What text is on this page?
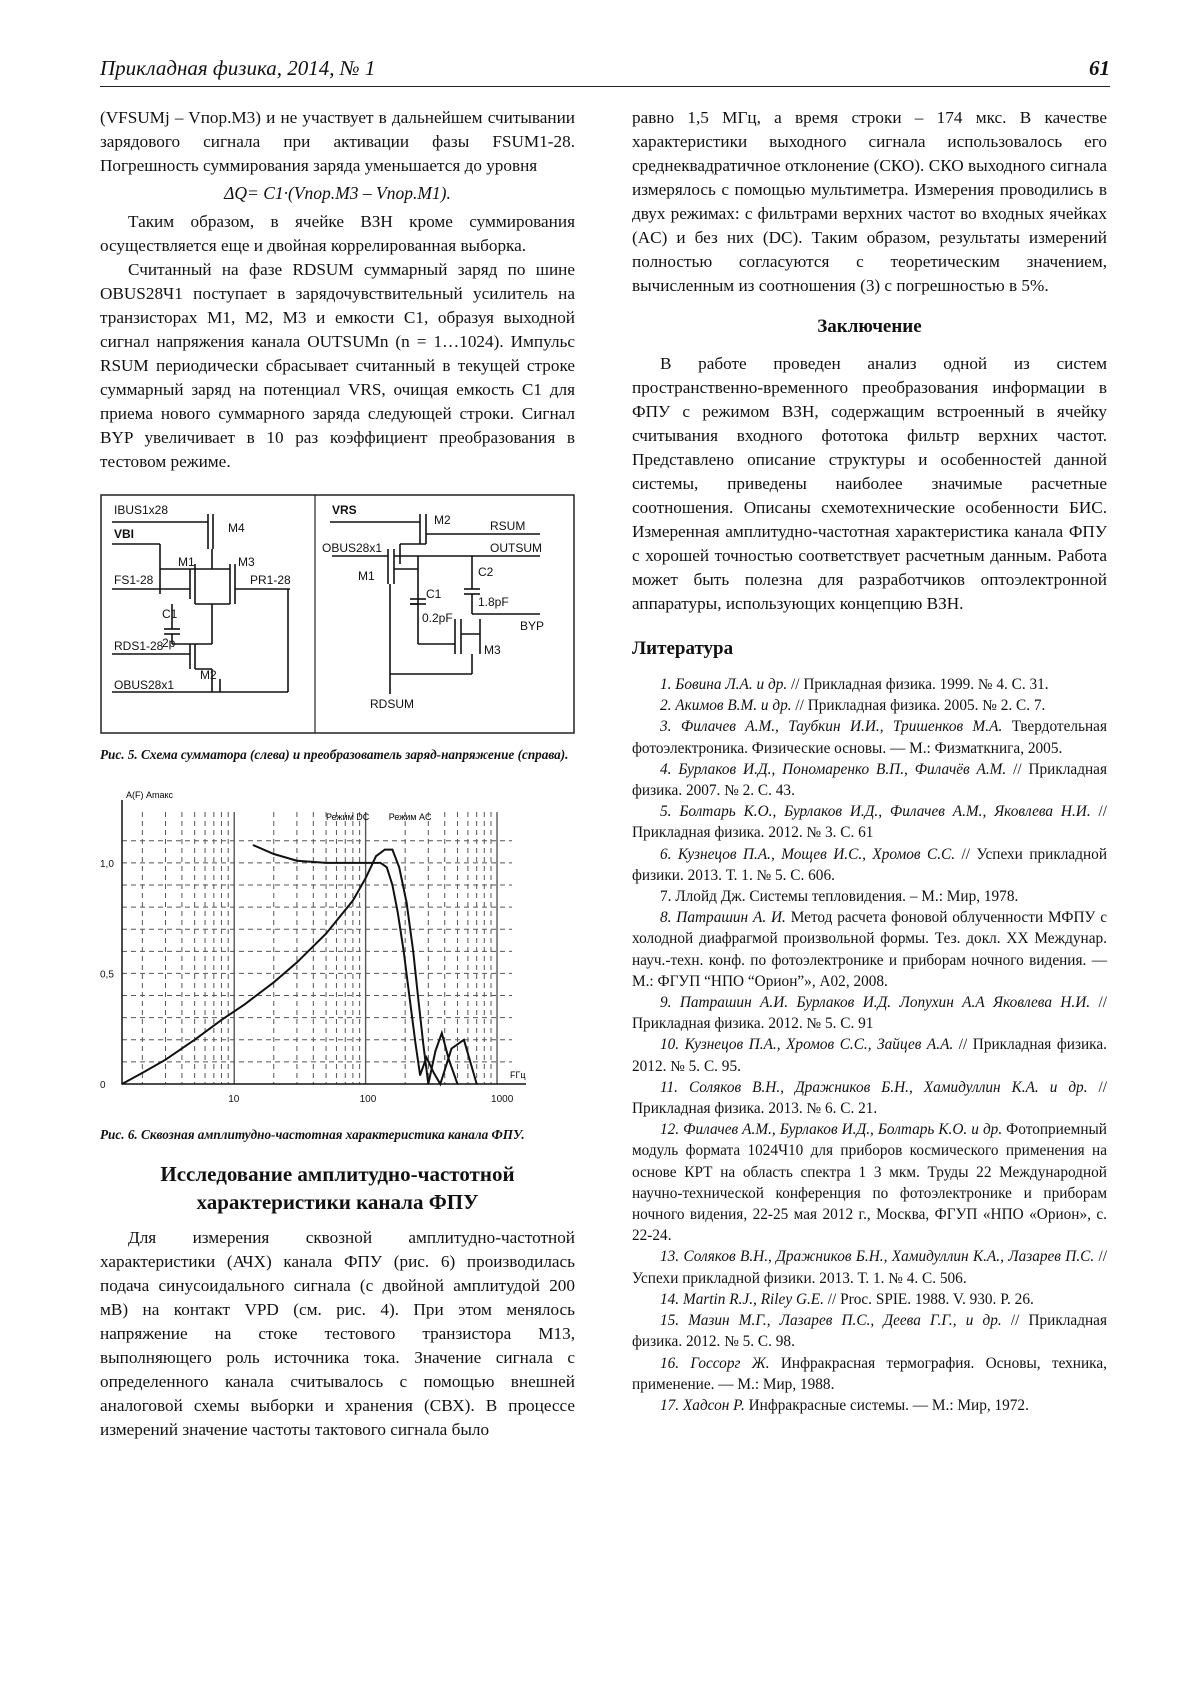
Прикладная физика, 2014, № 1	61

(VFSUMj – Vпор.M3) и не участвует в дальнейшем считывании зарядового сигнала при активации фазы FSUM1-28. Погрешность суммирования заряда уменьшается до уровня

ΔQ= C1·(Vпор.M3 – Vпор.M1).

Таким образом, в ячейке ВЗН кроме суммирования осуществляется еще и двойная коррелированная выборка.

Считанный на фазе RDSUM суммарный заряд по шине OBUS28Ч1 поступает в зарядочувствительный усилитель на транзисторах M1, M2, M3 и емкости C1, образуя выходной сигнал напряжения канала OUTSUMn (n = 1…1024). Импульс RSUM периодически сбрасывает считанный в текущей строке суммарный заряд на потенциал VRS, очищая емкость C1 для приема нового суммарного заряда следующей строки. Сигнал BYP увеличивает в 10 раз коэффициент преобразования в тестовом режиме.

IBUS1x28
VBI	M4
M1	M3
FS1-28	PR1-28
C1
2p
RDS1-28
M2
OBUS28x1
VRS
M2	RSUM
OBUS28x1	OUTSUM
M1	C2
1.8pF
C1
0.2pF
BYP
M3
RDSUM
Рис. 5. Схема сумматора (слева) и преобразователь заряд-напряжение (справа).
10	100	1000
1,0
0,5
0
A(F) Аmакс
FГц
Режим DC Режим AC
Рис. 6. Сквозная амплитудно-частотная характеристика канала ФПУ.
Исследование амплитудно-частотной характеристики канала ФПУ

Для измерения сквозной амплитудно-частотной характеристики (АЧХ) канала ФПУ (рис. 6) производилась подача синусоидального сигнала (с двойной амплитудой 200 мВ) на контакт VPD (см. рис. 4). При этом менялось напряжение на стоке тестового транзистора M13, выполняющего роль источника тока. Значение сигнала с определенного канала считывалось с помощью внешней аналоговой схемы выборки и хранения (СВХ). В процессе измерений значение частоты тактового сигнала было

равно 1,5 МГц, а время строки – 174 мкс. В качестве характеристики выходного сигнала использовалось его среднеквадратичное отклонение (СКО). СКО выходного сигнала измерялось с помощью мультиметра. Измерения проводились в двух режимах: с фильтрами верхних частот во входных ячейках (AC) и без них (DC). Таким образом, результаты измерений полностью согласуются с теоретическим значением, вычисленным из соотношения (3) с погрешностью в 5%.

Заключение

В работе проведен анализ одной из систем пространственно-временного преобразования информации в ФПУ с режимом ВЗН, содержащим встроенный в ячейку считывания входного фототока фильтр верхних частот. Представлено описание структуры и особенностей данной системы, приведены наиболее значимые расчетные соотношения. Описаны схемотехнические особенности БИС. Измеренная амплитудно-частотная характеристика канала ФПУ с хорошей точностью соответствует расчетным данным. Работа может быть полезна для разработчиков оптоэлектронной аппаратуры, использующих концепцию ВЗН.

Литература
1. Бовина Л.А. и др. // Прикладная физика. 1999. № 4. С. 31.
2. Акимов В.М. и др. // Прикладная физика. 2005. № 2. С. 7.
3. Филачев А.М., Таубкин И.И., Тришенков М.А. Твердотельная фотоэлектроника. Физические основы. — М.: Физматкнига, 2005.
4. Бурлаков И.Д., Пономаренко В.П., Филачёв А.М. // Прикладная физика. 2007. № 2. С. 43.
5. Болтарь К.О., Бурлаков И.Д., Филачев А.М., Яковлева Н.И. // Прикладная физика. 2012. № 3. С. 61
6. Кузнецов П.А., Мощев И.С., Хромов С.С. // Успехи прикладной физики. 2013. Т. 1. № 5. С. 606.
7. Ллойд Дж. Системы тепловидения. – М.: Мир, 1978.
8. Патрашин А. И. Метод расчета фоновой облученности МФПУ с холодной диафрагмой произвольной формы. Тез. докл. XX Междунар. науч.-техн. конф. по фотоэлектронике и приборам ночного видения. — М.: ФГУП “НПО “Орион”», А02, 2008.
9. Патрашин А.И. Бурлаков И.Д. Лопухин А.А Яковлева Н.И. // Прикладная физика. 2012. № 5. С. 91
10. Кузнецов П.А., Хромов С.С., Зайцев А.А. // Прикладная физика. 2012. № 5. С. 95.
11. Соляков В.Н., Дражников Б.Н., Хамидуллин К.А. и др. // Прикладная физика. 2013. № 6. С. 21.
12. Филачев А.М., Бурлаков И.Д., Болтарь К.О. и др. Фотоприемный модуль формата 1024Ч10 для приборов космического применения на основе КРТ на область спектра 1 3 мкм. Труды 22 Международной научно-технической конференция по фотоэлектронике и приборам ночного видения, 22-25 мая 2012 г., Москва, ФГУП «НПО «Орион», с. 22-24.
13. Соляков В.Н., Дражников Б.Н., Хамидуллин К.А., Лазарев П.С. // Успехи прикладной физики. 2013. Т. 1. № 4. С. 506.
14. Martin R.J., Riley G.E. // Proc. SPIE. 1988. V. 930. P. 26.
15. Мазин М.Г., Лазарев П.С., Деева Г.Г., и др. // Прикладная физика. 2012. № 5. С. 98.
16. Госсорг Ж. Инфракрасная термография. Основы, техника, применение. — М.: Мир, 1988.
17. Хадсон Р. Инфракрасные системы. — М.: Мир, 1972.
